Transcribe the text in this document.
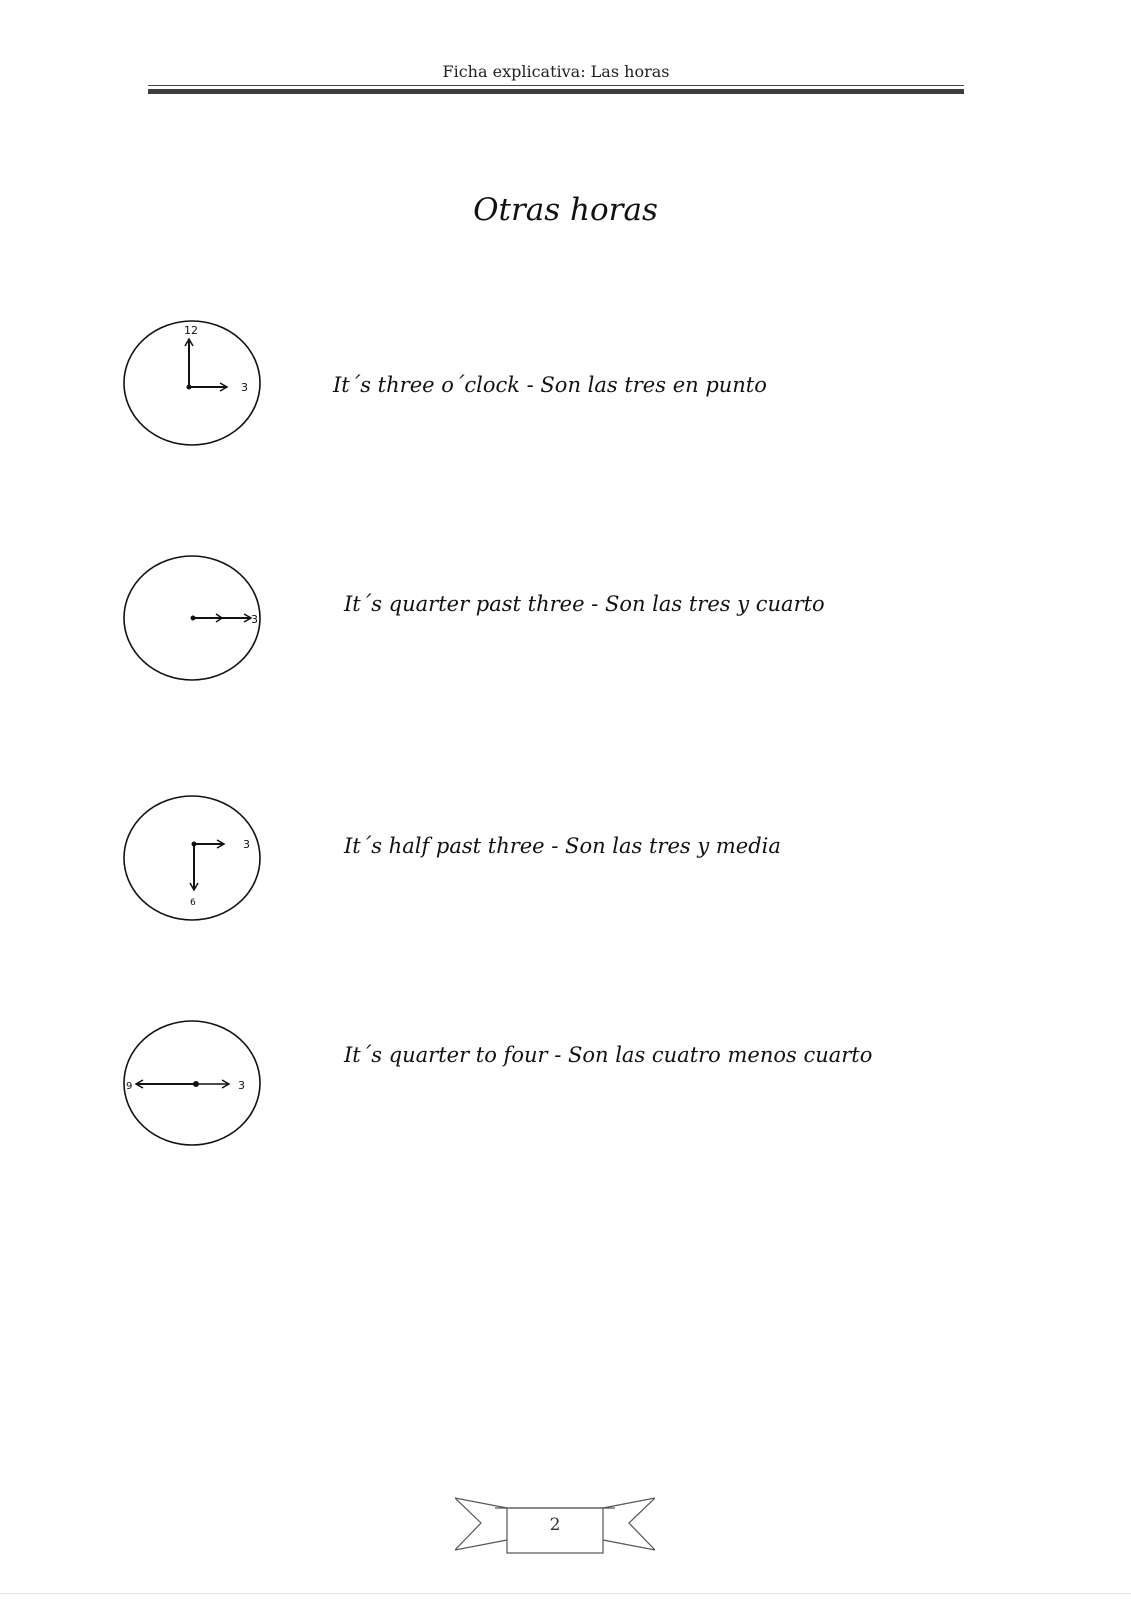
Ficha explicativa: Las horas
Otras horas
12
3	It´s three o´clock - Son las tres en punto
3
It´s quarter past three - Son las tres y cuarto
3
6
It´s half past three - Son las tres y media
9	3
It´s quarter to four - Son las cuatro menos cuarto
2
